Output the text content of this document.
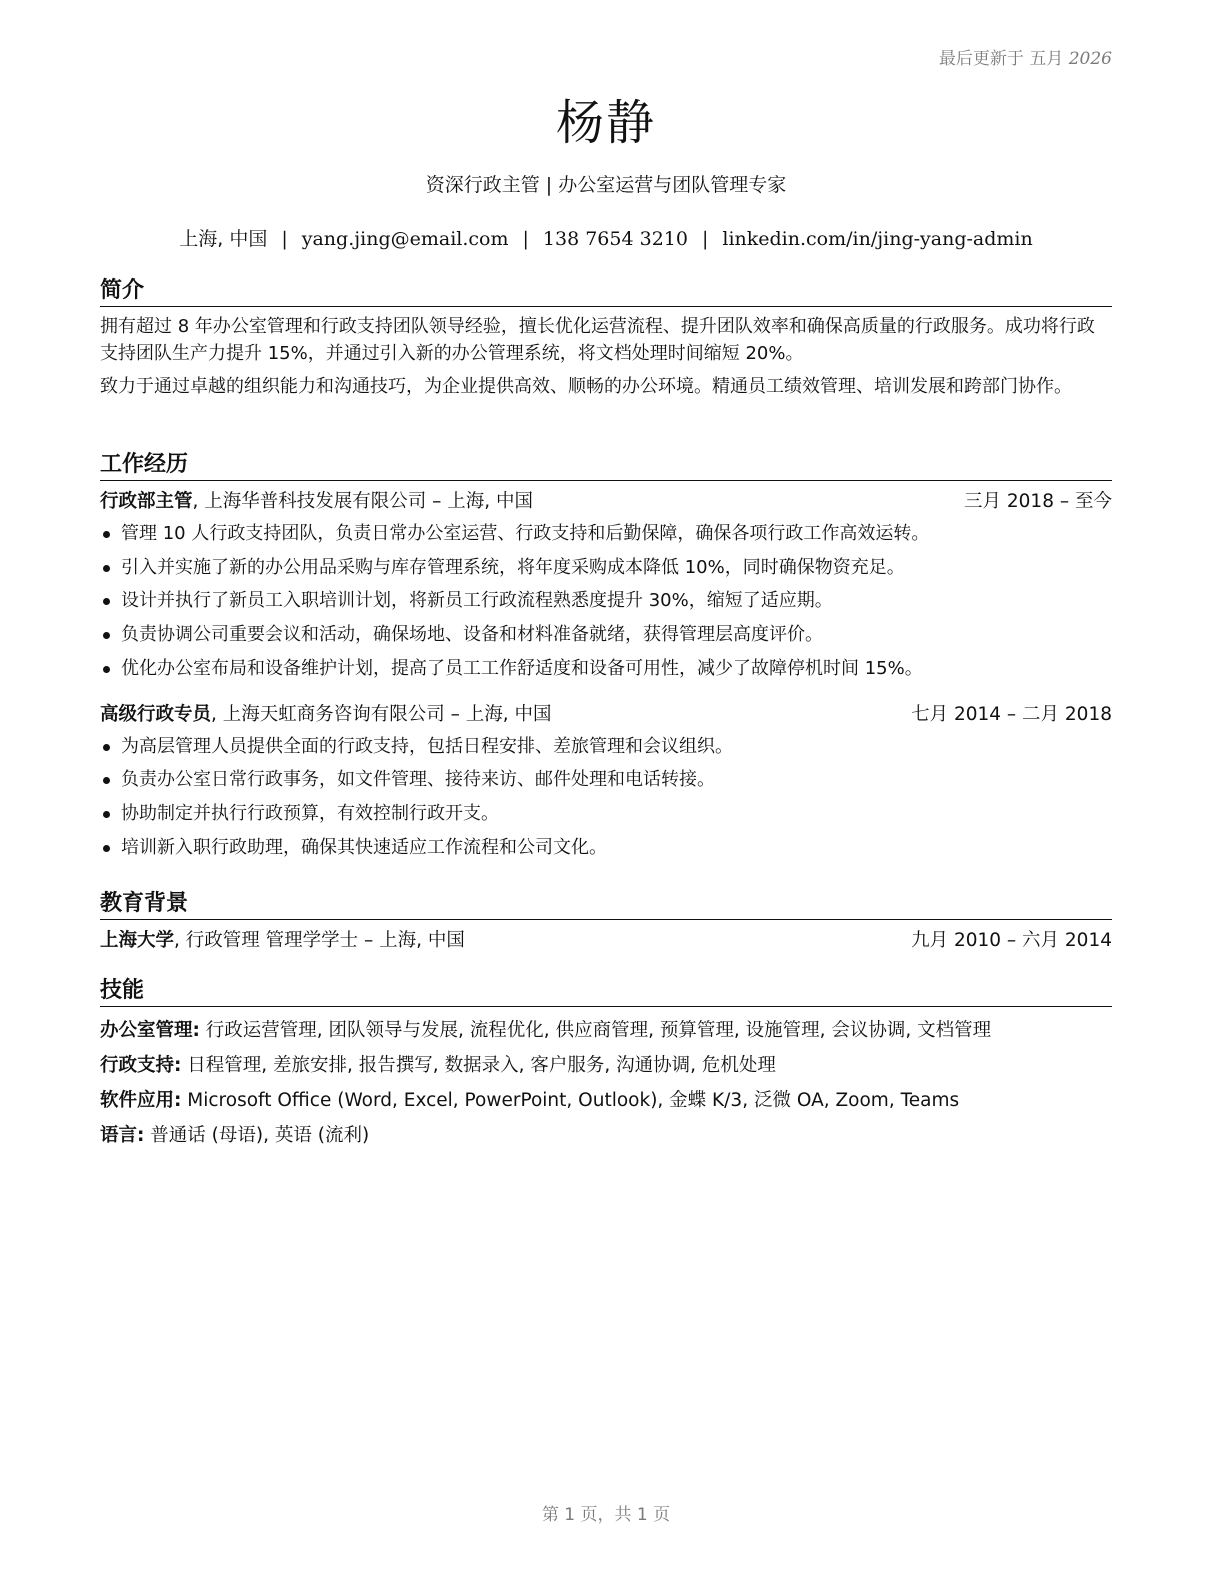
最后更新于 五月 2026
杨静
资深行政主管 | 办公室运营与团队管理专家
上海, 中国 | yang.jing@email.com | 138 7654 3210 | linkedin.com/in/jing-yang-admin
简介

拥有超过 8 年办公室管理和行政支持团队领导经验，擅长优化运营流程、提升团队效率和确保高质量的行政服务。成功将行政支持团队生产力提升 15%，并通过引入新的办公管理系统，将文档处理时间缩短 20%。

致力于通过卓越的组织能力和沟通技巧，为企业提供高效、顺畅的办公环境。精通员工绩效管理、培训发展和跨部门协作。

工作经历
行政部主管, 上海华普科技发展有限公司 – 上海, 中国	三月 2018 – 至今
管理 10 人行政支持团队，负责日常办公室运营、行政支持和后勤保障，确保各项行政工作高效运转。
引入并实施了新的办公用品采购与库存管理系统，将年度采购成本降低 10%，同时确保物资充足。
设计并执行了新员工入职培训计划，将新员工行政流程熟悉度提升 30%，缩短了适应期。
负责协调公司重要会议和活动，确保场地、设备和材料准备就绪，获得管理层高度评价。
优化办公室布局和设备维护计划，提高了员工工作舒适度和设备可用性，减少了故障停机时间 15%。
高级行政专员, 上海天虹商务咨询有限公司 – 上海, 中国	七月 2014 – 二月 2018
为高层管理人员提供全面的行政支持，包括日程安排、差旅管理和会议组织。
负责办公室日常行政事务，如文件管理、接待来访、邮件处理和电话转接。
协助制定并执行行政预算，有效控制行政开支。
培训新入职行政助理，确保其快速适应工作流程和公司文化。
教育背景
上海大学, 行政管理 管理学学士 – 上海, 中国	九月 2010 – 六月 2014
技能
办公室管理: 行政运营管理, 团队领导与发展, 流程优化, 供应商管理, 预算管理, 设施管理, 会议协调, 文档管理
行政支持: 日程管理, 差旅安排, 报告撰写, 数据录入, 客户服务, 沟通协调, 危机处理
软件应用: Microsoft Office (Word, Excel, PowerPoint, Outlook), 金蝶 K/3, 泛微 OA, Zoom, Teams
语言: 普通话 (母语), 英语 (流利)
第 1 页，共 1 页
